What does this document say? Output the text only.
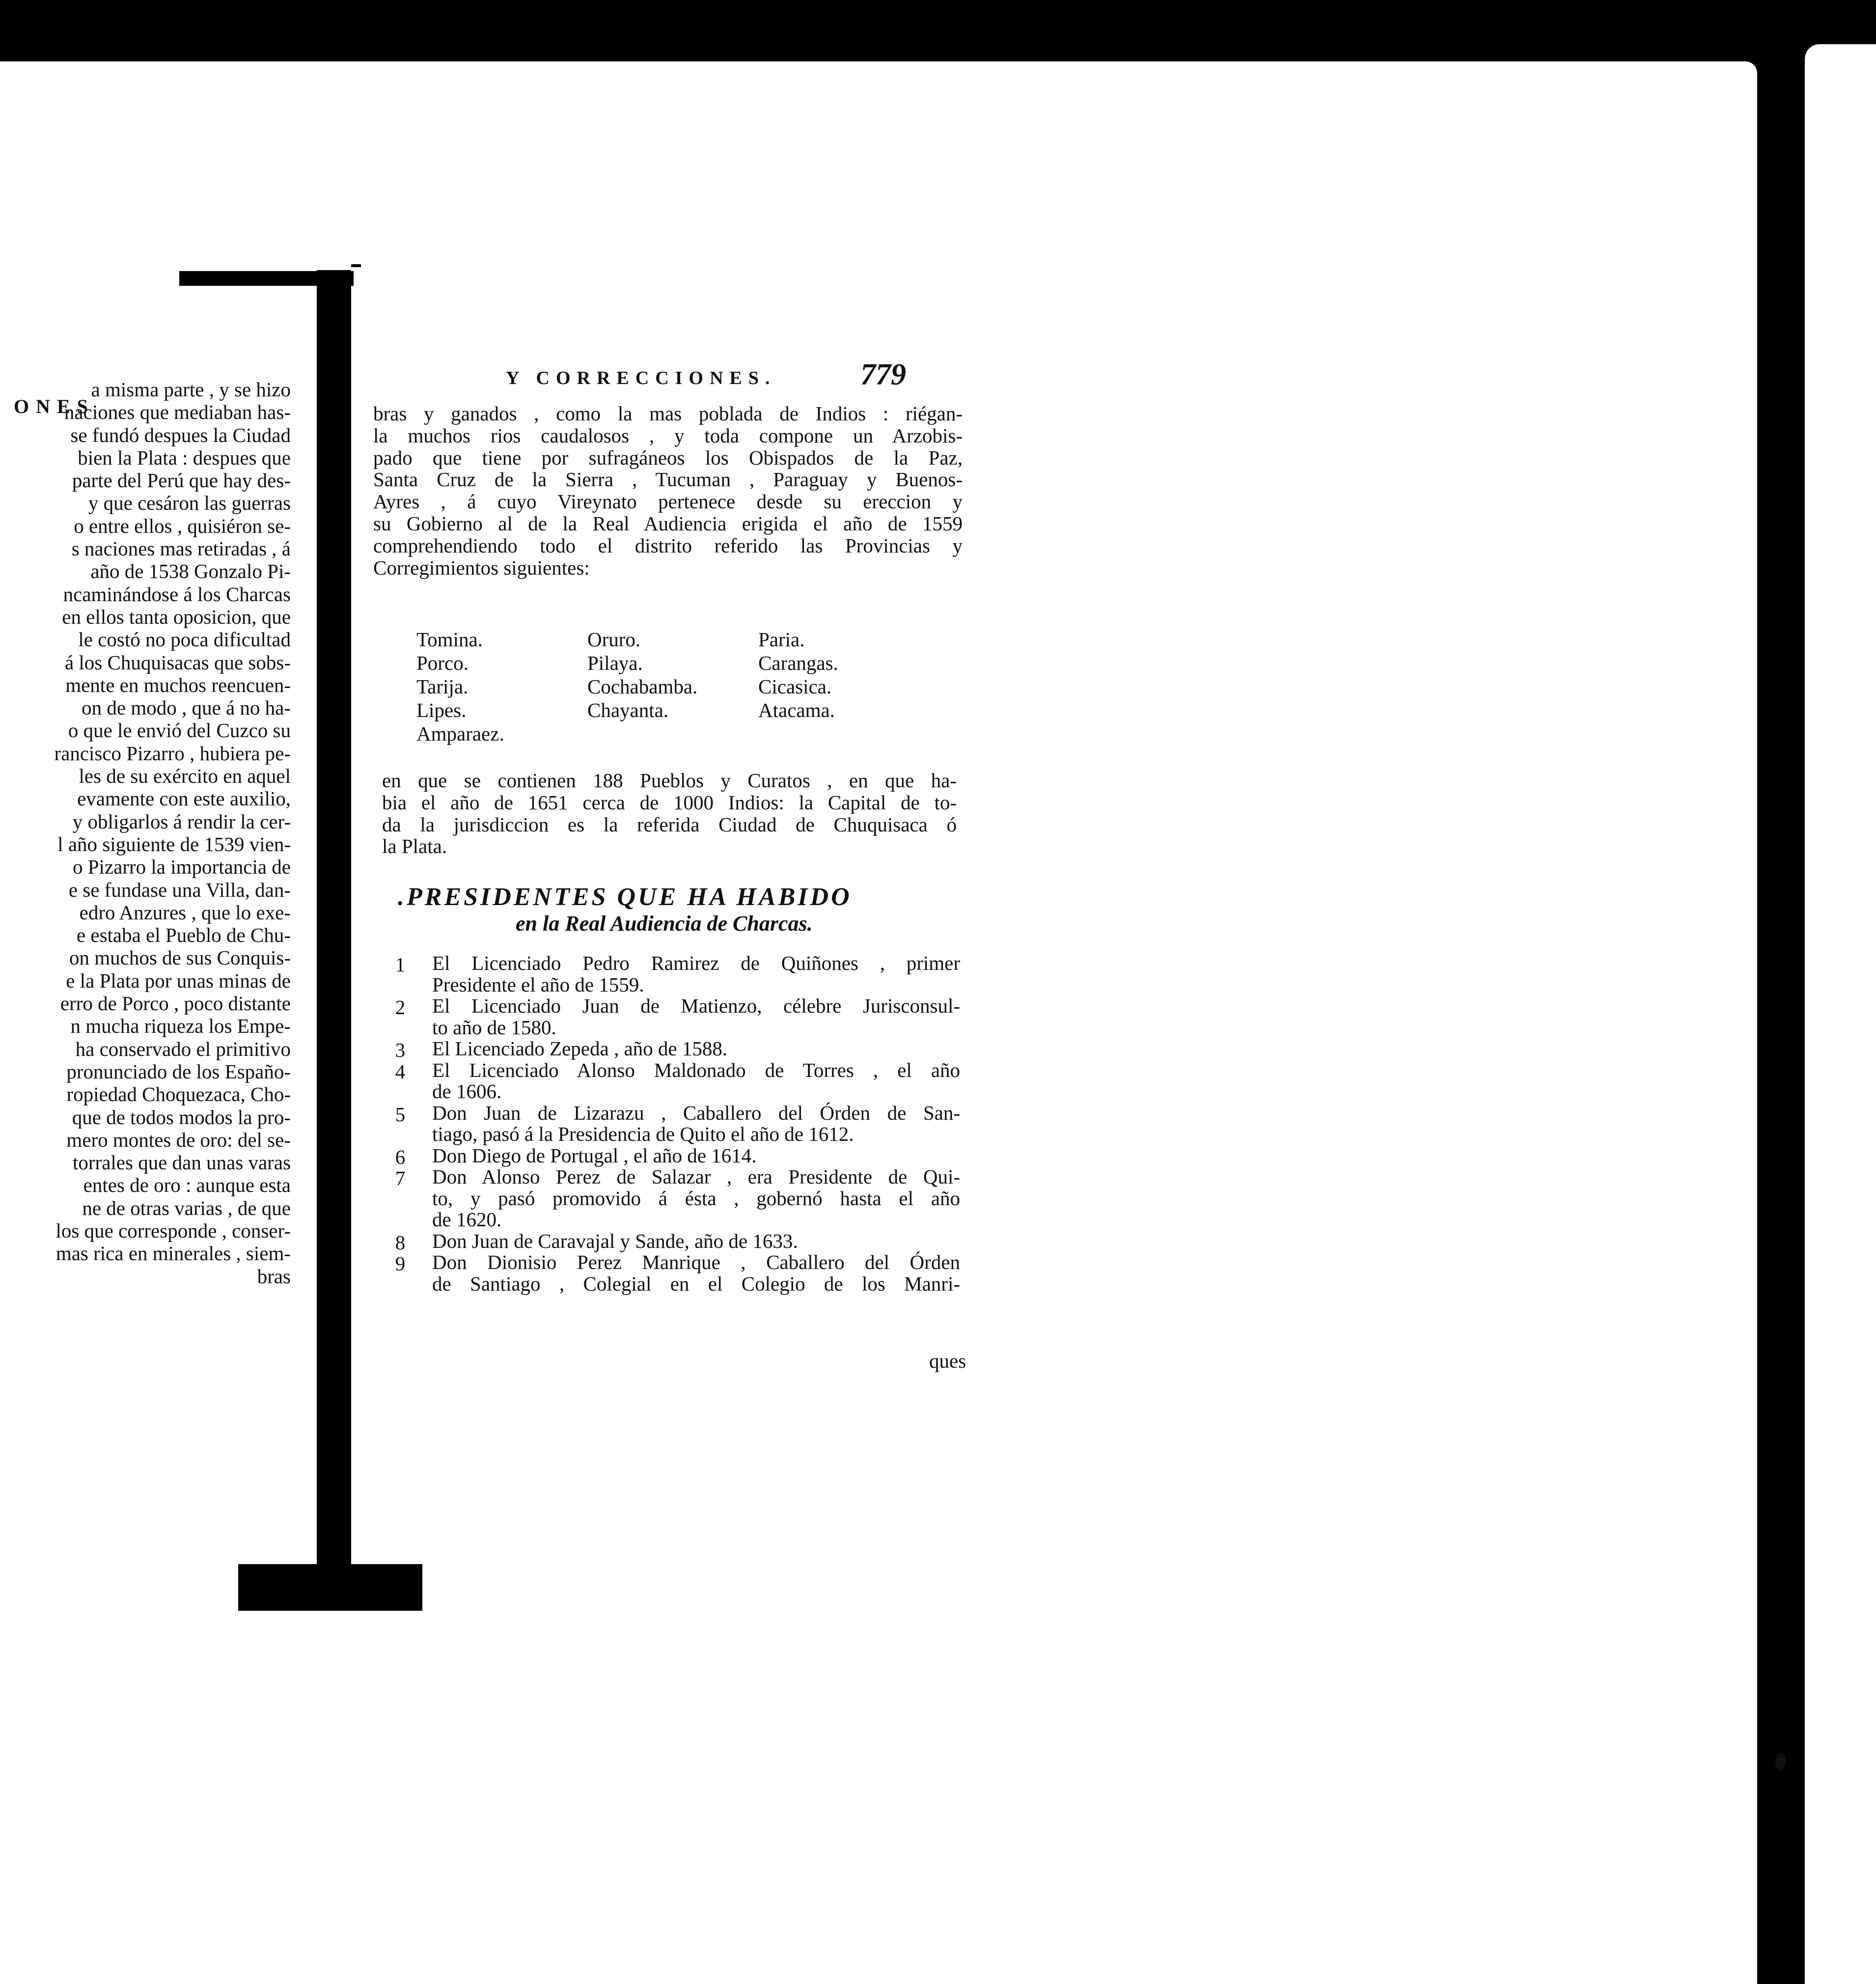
ONES
a misma parte , y se hizo
naciones que mediaban has-
se fundó despues la Ciudad
bien la Plata : despues que
parte del Perú que hay des-
y que cesáron las guerras
o entre ellos , quisiéron se-
s naciones mas retiradas , á
año de 1538 Gonzalo Pi-
ncaminándose á los Charcas
en ellos tanta oposicion, que
le costó no poca dificultad
á los Chuquisacas que sobs-
mente en muchos reencuen-
on de modo , que á no ha-
o que le envió del Cuzco su
rancisco Pizarro , hubiera pe-
les de su exército en aquel
evamente con este auxilio,
y obligarlos á rendir la cer-
l año siguiente de 1539 vien-
o Pizarro la importancia de
e se fundase una Villa, dan-
edro Anzures , que lo exe-
e estaba el Pueblo de Chu-
on muchos de sus Conquis-
e la Plata por unas minas de
erro de Porco , poco distante
n mucha riqueza los Empe-
ha conservado el primitivo
pronunciado de los Españo-
ropiedad Choquezaca, Cho-
que de todos modos la pro-
mero montes de oro: del se-
torrales que dan unas varas
entes de oro : aunque esta
ne de otras varias , de que
los que corresponde , conser-
mas rica en minerales , siem-
bras
Y CORRECCIONES.	779
bras y ganados , como la mas poblada de Indios : riégan-
la muchos rios caudalosos , y toda compone un Arzobis-
pado que tiene por sufragáneos los Obispados de la Paz,
Santa Cruz de la Sierra , Tucuman , Paraguay y Buenos-
Ayres , á cuyo Vireynato pertenece desde su ereccion y
su Gobierno al de la Real Audiencia erigida el año de 1559
comprehendiendo todo el distrito referido las Provincias y
Corregimientos siguientes:
Tomina.	Oruro.	Paria.
Porco.	Pilaya.	Carangas.
Tarija.	Cochabamba.	Cicasica.
Lipes.	Chayanta.	Atacama.
Amparaez.
en que se contienen 188 Pueblos y Curatos , en que ha-
bia el año de 1651 cerca de 1000 Indios: la Capital de to-
da la jurisdiccion es la referida Ciudad de Chuquisaca ó
la Plata.
.PRESIDENTES QUE HA HABIDO
en la Real Audiencia de Charcas.
1 El Licenciado Pedro Ramirez de Quiñones , primer
Presidente el año de 1559.
2 El Licenciado Juan de Matienzo, célebre Jurisconsul-
to año de 1580.
3 El Licenciado Zepeda , año de 1588.
4 El Licenciado Alonso Maldonado de Torres , el año
de 1606.
5 Don Juan de Lizarazu , Caballero del Órden de San-
tiago, pasó á la Presidencia de Quito el año de 1612.
6 Don Diego de Portugal , el año de 1614.
7 Don Alonso Perez de Salazar , era Presidente de Qui-
to, y pasó promovido á ésta , gobernó hasta el año
de 1620.
8 Don Juan de Caravajal y Sande, año de 1633.
9 Don Dionisio Perez Manrique , Caballero del Órden
de Santiago , Colegial en el Colegio de los Manri-
ques
